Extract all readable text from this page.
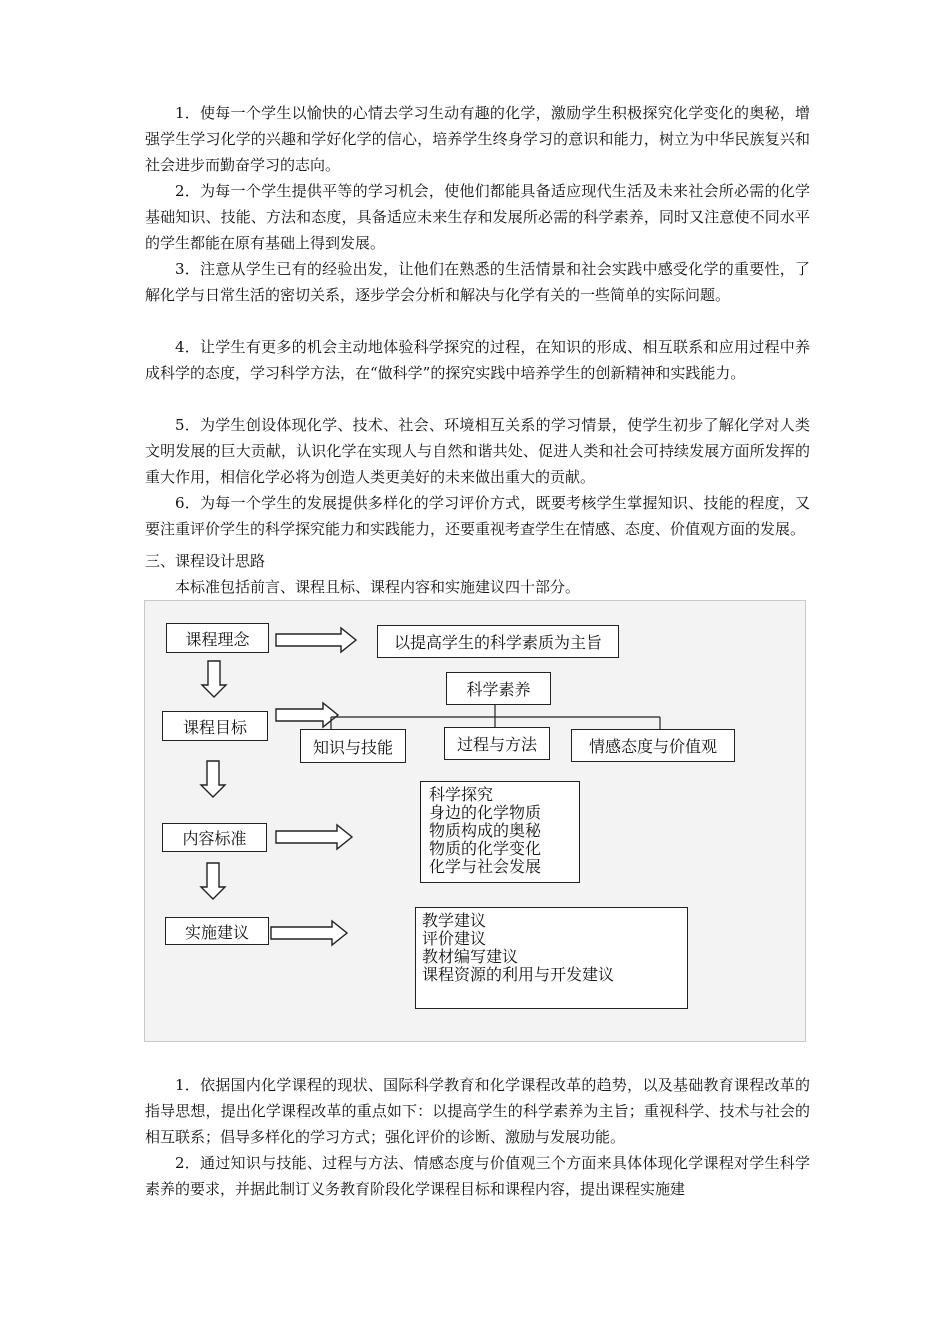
1．使每一个学生以愉快的心情去学习生动有趣的化学，激励学生积极探究化学变化的奥秘，增强学生学习化学的兴趣和学好化学的信心，培养学生终身学习的意识和能力，树立为中华民族复兴和社会进步而勤奋学习的志向。

2．为每一个学生提供平等的学习机会，使他们都能具备适应现代生活及未来社会所必需的化学基础知识、技能、方法和态度，具备适应未来生存和发展所必需的科学素养，同时又注意使不同水平的学生都能在原有基础上得到发展。

3．注意从学生已有的经验出发，让他们在熟悉的生活情景和社会实践中感受化学的重要性，了解化学与日常生活的密切关系，逐步学会分析和解决与化学有关的一些简单的实际问题。

4．让学生有更多的机会主动地体验科学探究的过程，在知识的形成、相互联系和应用过程中养成科学的态度，学习科学方法，在“做科学”的探究实践中培养学生的创新精神和实践能力。

5．为学生创设体现化学、技术、社会、环境相互关系的学习情景，使学生初步了解化学对人类文明发展的巨大贡献，认识化学在实现人与自然和谐共处、促进人类和社会可持续发展方面所发挥的重大作用，相信化学必将为创造人类更美好的未来做出重大的贡献。

6．为每一个学生的发展提供多样化的学习评价方式，既要考核学生掌握知识、技能的程度，又要注重评价学生的科学探究能力和实践能力，还要重视考查学生在情感、态度、价值观方面的发展。

三、课程设计思路

本标准包括前言、课程且标、课程内容和实施建议四十部分。

课程理念	以提高学生的科学素质为主旨
科学素养
课程目标
知识与技能	过程与方法	情感态度与价值观
内容标准
科学探究
身边的化学物质
物质构成的奥秘
物质的化学变化
化学与社会发展
实施建议
教学建议
评价建议
教材编写建议
课程资源的利用与开发建议

1．依据国内化学课程的现状、国际科学教育和化学课程改革的趋势，以及基础教育课程改革的指导思想，提出化学课程改革的重点如下：以提高学生的科学素养为主旨；重视科学、技术与社会的相互联系；倡导多样化的学习方式；强化评价的诊断、激励与发展功能。

2．通过知识与技能、过程与方法、情感态度与价值观三个方面来具体体现化学课程对学生科学素养的要求，并据此制订义务教育阶段化学课程目标和课程内容，提出课程实施建
